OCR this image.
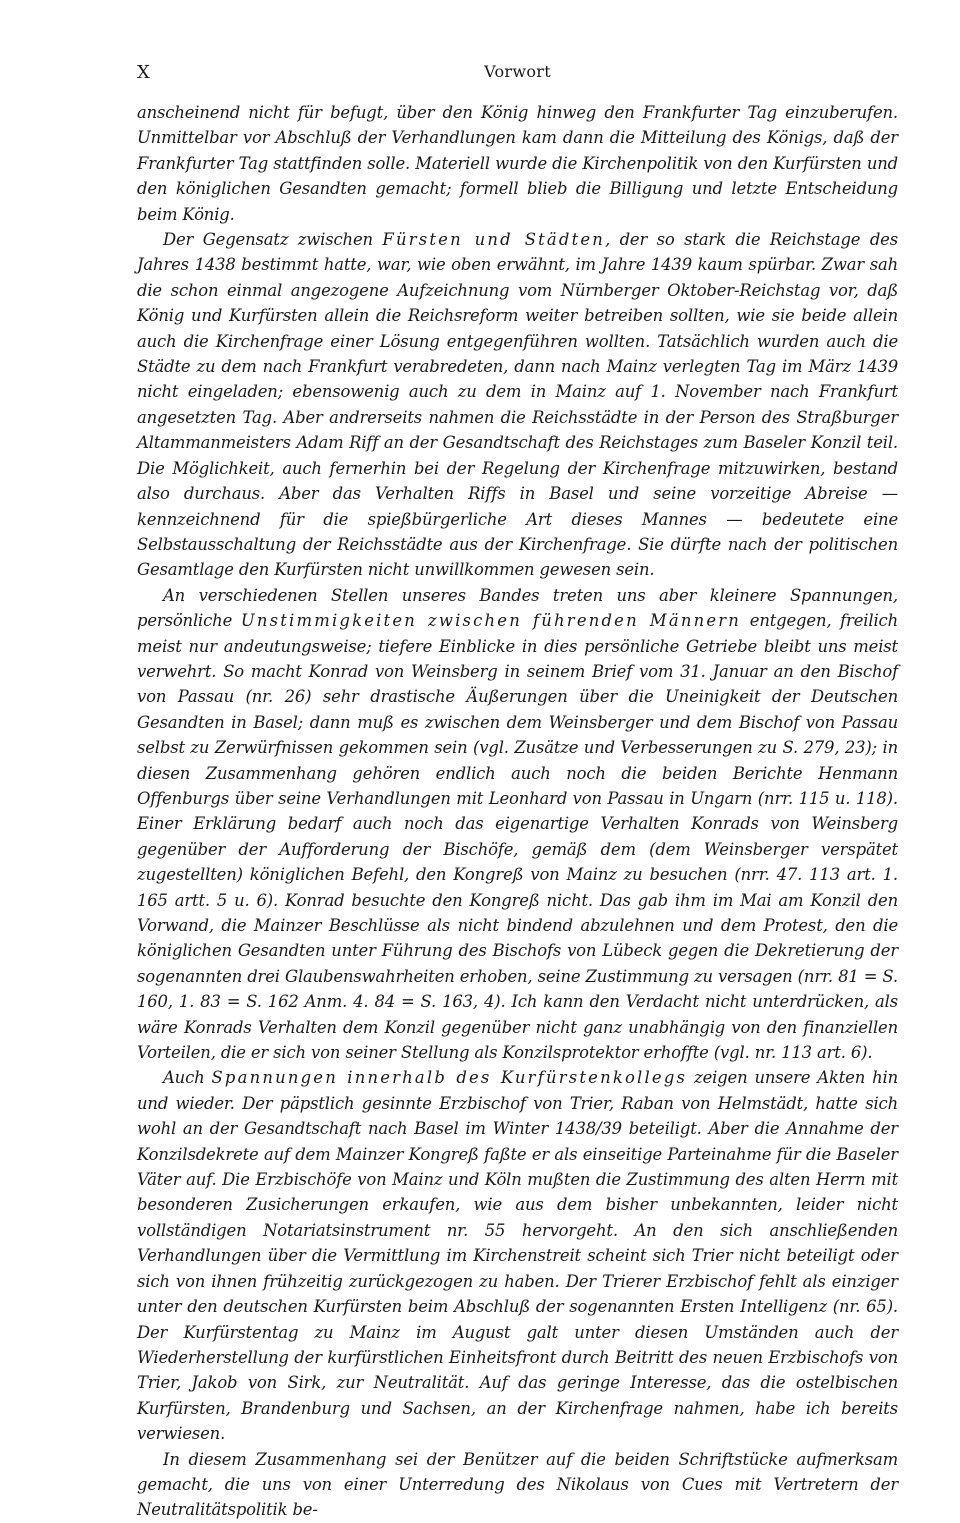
X	Vorwort

anscheinend nicht für befugt, über den König hinweg den Frankfurter Tag einzuberufen. Unmittelbar vor Abschluß der Verhandlungen kam dann die Mitteilung des Königs, daß der Frankfurter Tag stattfinden solle. Materiell wurde die Kirchenpolitik von den Kurfürsten und den königlichen Gesandten gemacht; formell blieb die Billigung und letzte Entscheidung beim König.

Der Gegensatz zwischen Fürsten und Städten, der so stark die Reichstage des Jahres 1438 bestimmt hatte, war, wie oben erwähnt, im Jahre 1439 kaum spürbar. Zwar sah die schon einmal angezogene Aufzeichnung vom Nürnberger Oktober-Reichstag vor, daß König und Kurfürsten allein die Reichsreform weiter betreiben sollten, wie sie beide allein auch die Kirchenfrage einer Lösung entgegenführen wollten. Tatsächlich wurden auch die Städte zu dem nach Frankfurt verabredeten, dann nach Mainz verlegten Tag im März 1439 nicht eingeladen; ebensowenig auch zu dem in Mainz auf 1. November nach Frankfurt angesetzten Tag. Aber andrerseits nahmen die Reichsstädte in der Person des Straßburger Altammanmeisters Adam Riff an der Gesandtschaft des Reichstages zum Baseler Konzil teil. Die Möglichkeit, auch fernerhin bei der Regelung der Kirchenfrage mitzuwirken, bestand also durchaus. Aber das Verhalten Riffs in Basel und seine vorzeitige Abreise — kennzeichnend für die spießbürgerliche Art dieses Mannes — bedeutete eine Selbstausschaltung der Reichsstädte aus der Kirchenfrage. Sie dürfte nach der politischen Gesamtlage den Kurfürsten nicht unwillkommen gewesen sein.

An verschiedenen Stellen unseres Bandes treten uns aber kleinere Spannungen, persönliche Unstimmigkeiten zwischen führenden Männern entgegen, freilich meist nur andeutungsweise; tiefere Einblicke in dies persönliche Getriebe bleibt uns meist verwehrt. So macht Konrad von Weinsberg in seinem Brief vom 31. Januar an den Bischof von Passau (nr. 26) sehr drastische Äußerungen über die Uneinigkeit der Deutschen Gesandten in Basel; dann muß es zwischen dem Weinsberger und dem Bischof von Passau selbst zu Zerwürfnissen gekommen sein (vgl. Zusätze und Verbesserungen zu S. 279, 23); in diesen Zusammenhang gehören endlich auch noch die beiden Berichte Henmann Offenburgs über seine Verhandlungen mit Leonhard von Passau in Ungarn (nrr. 115 u. 118). Einer Erklärung bedarf auch noch das eigenartige Verhalten Konrads von Weinsberg gegenüber der Aufforderung der Bischöfe, gemäß dem (dem Weinsberger verspätet zugestellten) königlichen Befehl, den Kongreß von Mainz zu besuchen (nrr. 47. 113 art. 1. 165 artt. 5 u. 6). Konrad besuchte den Kongreß nicht. Das gab ihm im Mai am Konzil den Vorwand, die Mainzer Beschlüsse als nicht bindend abzulehnen und dem Protest, den die königlichen Gesandten unter Führung des Bischofs von Lübeck gegen die Dekretierung der sogenannten drei Glaubenswahrheiten erhoben, seine Zustimmung zu versagen (nrr. 81 = S. 160, 1. 83 = S. 162 Anm. 4. 84 = S. 163, 4). Ich kann den Verdacht nicht unterdrücken, als wäre Konrads Verhalten dem Konzil gegenüber nicht ganz unabhängig von den finanziellen Vorteilen, die er sich von seiner Stellung als Konzilsprotektor erhoffte (vgl. nr. 113 art. 6).

Auch Spannungen innerhalb des Kurfürstenkollegs zeigen unsere Akten hin und wieder. Der päpstlich gesinnte Erzbischof von Trier, Raban von Helmstädt, hatte sich wohl an der Gesandtschaft nach Basel im Winter 1438/39 beteiligt. Aber die Annahme der Konzilsdekrete auf dem Mainzer Kongreß faßte er als einseitige Parteinahme für die Baseler Väter auf. Die Erzbischöfe von Mainz und Köln mußten die Zustimmung des alten Herrn mit besonderen Zusicherungen erkaufen, wie aus dem bisher unbekannten, leider nicht vollständigen Notariatsinstrument nr. 55 hervorgeht. An den sich anschließenden Verhandlungen über die Vermittlung im Kirchenstreit scheint sich Trier nicht beteiligt oder sich von ihnen frühzeitig zurückgezogen zu haben. Der Trierer Erzbischof fehlt als einziger unter den deutschen Kurfürsten beim Abschluß der sogenannten Ersten Intelligenz (nr. 65). Der Kurfürstentag zu Mainz im August galt unter diesen Umständen auch der Wiederherstellung der kurfürstlichen Einheitsfront durch Beitritt des neuen Erzbischofs von Trier, Jakob von Sirk, zur Neutralität. Auf das geringe Interesse, das die ostelbischen Kurfürsten, Brandenburg und Sachsen, an der Kirchenfrage nahmen, habe ich bereits verwiesen.

In diesem Zusammenhang sei der Benützer auf die beiden Schriftstücke aufmerksam gemacht, die uns von einer Unterredung des Nikolaus von Cues mit Vertretern der Neutralitätspolitik be-
